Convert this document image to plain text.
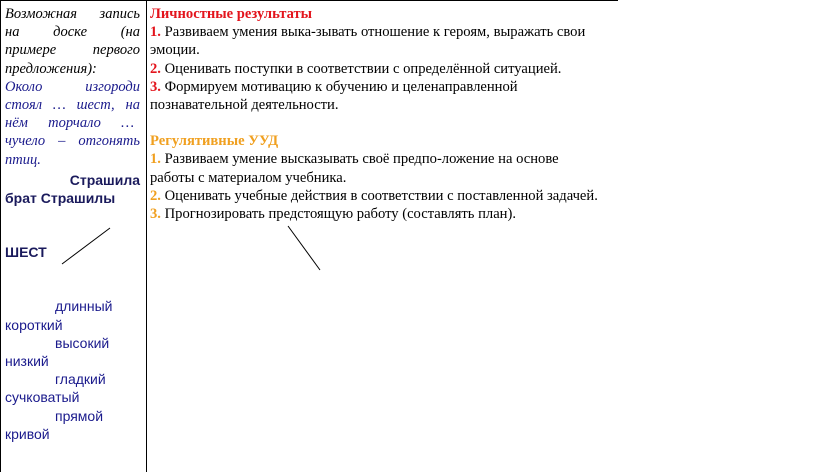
Возможная запись
на доске (на
примере	первого
предложения):
Около	изгороди
стоял … шест, на
нём торчало …
чучело – отгонять
птиц.
Страшила
брат Страшилы
ШЕСТ
длинный
короткий
высокий
низкий
гладкий
сучковатый
прямой
кривой
Личностные результаты
1. Развиваем умения выка-зывать отношение к героям, выражать свои эмоции.
2. Оценивать поступки в соответствии с определённой ситуацией.
3. Формируем мотивацию к обучению и целенаправленной познавательной деятельности.
Регулятивные УУД
1. Развиваем умение высказывать своё предпо-ложение на основе работы с материалом учебника.
2. Оценивать учебные действия в соответствии с поставленной задачей.
3. Прогнозировать предстоящую работу (составлять план).
